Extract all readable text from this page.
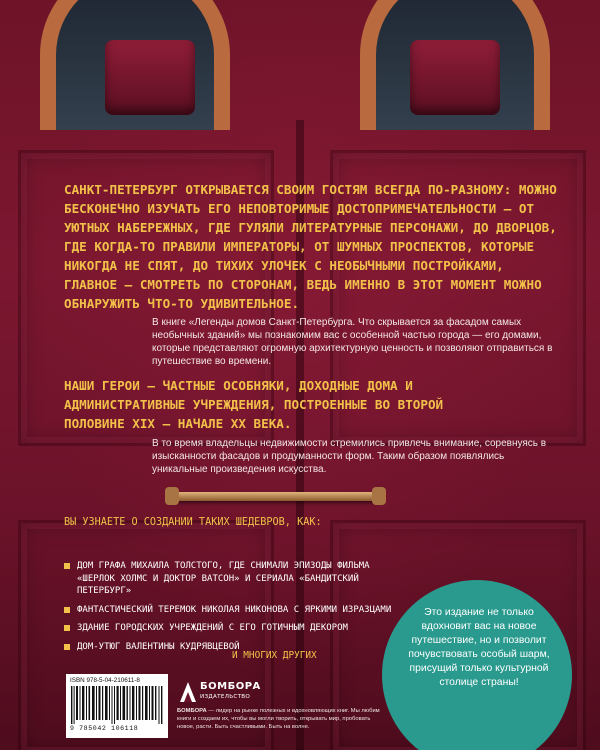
САНКТ-ПЕТЕРБУРГ ОТКРЫВАЕТСЯ СВОИМ ГОСТЯМ ВСЕГДА ПО-РАЗНОМУ: МОЖНО БЕСКОНЕЧНО ИЗУЧАТЬ ЕГО НЕПОВТОРИМЫЕ ДОСТОПРИМЕЧАТЕЛЬНОСТИ — ОТ УЮТНЫХ НАБЕРЕЖНЫХ, ГДЕ ГУЛЯЛИ ЛИТЕРАТУРНЫЕ ПЕРСОНАЖИ, ДО ДВОРЦОВ, ГДЕ КОГДА-ТО ПРАВИЛИ ИМПЕРАТОРЫ, ОТ ШУМНЫХ ПРОСПЕКТОВ, КОТОРЫЕ НИКОГДА НЕ СПЯТ, ДО ТИХИХ УЛОЧЕК С НЕОБЫЧНЫМИ ПОСТРОЙКАМИ, ГЛАВНОЕ — СМОТРЕТЬ ПО СТОРОНАМ, ВЕДЬ ИМЕННО В ЭТОТ МОМЕНТ МОЖНО ОБНАРУЖИТЬ ЧТО-ТО УДИВИТЕЛЬНОЕ.

В книге «Легенды домов Санкт-Петербурга. Что скрывается за фасадом самых необычных зданий» мы познакомим вас с особенной частью города — его домами, которые представляют огромную архитектурную ценность и позволяют отправиться в путешествие во времени.

НАШИ ГЕРОИ — ЧАСТНЫЕ ОСОБНЯКИ, ДОХОДНЫЕ ДОМА И АДМИНИСТРАТИВНЫЕ УЧРЕЖДЕНИЯ, ПОСТРОЕННЫЕ ВО ВТОРОЙ ПОЛОВИНЕ XIX — НАЧАЛЕ XX ВЕКА.

В то время владельцы недвижимости стремились привлечь внимание, соревнуясь в изысканности фасадов и продуманности форм. Таким образом появлялись уникальные произведения искусства.

ВЫ УЗНАЕТЕ О СОЗДАНИИ ТАКИХ ШЕДЕВРОВ, КАК:

ДОМ ГРАФА МИХАИЛА ТОЛСТОГО, ГДЕ СНИМАЛИ ЭПИЗОДЫ ФИЛЬМА «ШЕРЛОК ХОЛМС И ДОКТОР ВАТСОН» И СЕРИАЛА «БАНДИТСКИЙ ПЕТЕРБУРГ»
ФАНТАСТИЧЕСКИЙ ТЕРЕМОК НИКОЛАЯ НИКОНОВА С ЯРКИМИ ИЗРАЗЦАМИ
ЗДАНИЕ ГОРОДСКИХ УЧРЕЖДЕНИЙ С ЕГО ГОТИЧНЫМ ДЕКОРОМ
ДОМ-УТЮГ ВАЛЕНТИНЫ КУДРЯВЦЕВОЙ

И МНОГИХ ДРУГИХ

Это издание не только вдохновит вас на новое путешествие, но и позволит почувствовать особый шарм, присущий только культурной столице страны!

ISBN 978-5-04-210611-8

9 785042 106118

БОМБОРА

ИЗДАТЕЛЬСТВО

БОМБОРА — лидер на рынке полезных и вдохновляющих книг. Мы любим книги и создаем их, чтобы вы могли творить, открывать мир, пробовать новое, расти. Быть счастливыми. Быть на волне.
